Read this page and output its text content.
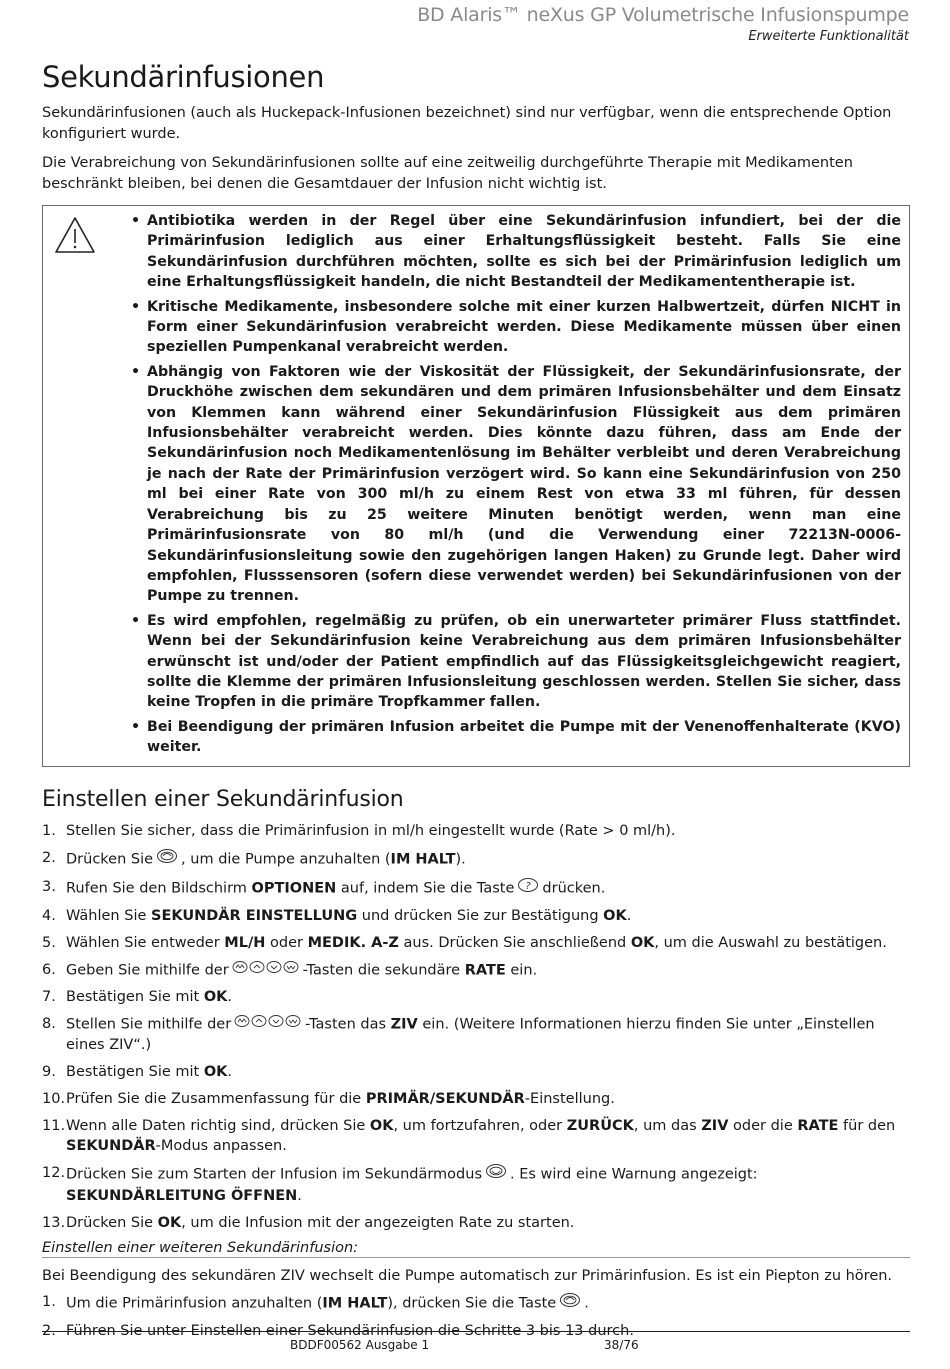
BD Alaris™ neXus GP Volumetrische Infusionspumpe
Erweiterte Funktionalität
Sekundärinfusionen

Sekundärinfusionen (auch als Huckepack-Infusionen bezeichnet) sind nur verfügbar, wenn die entsprechende Option konfiguriert wurde.

Die Verabreichung von Sekundärinfusionen sollte auf eine zeitweilig durchgeführte Therapie mit Medikamenten beschränkt bleiben, bei denen die Gesamtdauer der Infusion nicht wichtig ist.

• Antibiotika werden in der Regel über eine Sekundärinfusion infundiert, bei der die Primärinfusion lediglich aus einer Erhaltungsflüssigkeit besteht. Falls Sie eine Sekundärinfusion durchführen möchten, sollte es sich bei der Primärinfusion lediglich um eine Erhaltungsflüssigkeit handeln, die nicht Bestandteil der Medikamententherapie ist.
• Kritische Medikamente, insbesondere solche mit einer kurzen Halbwertzeit, dürfen NICHT in Form einer Sekundärinfusion verabreicht werden. Diese Medikamente müssen über einen speziellen Pumpenkanal verabreicht werden.
• Abhängig von Faktoren wie der Viskosität der Flüssigkeit, der Sekundärinfusionsrate, der Druckhöhe zwischen dem sekundären und dem primären Infusionsbehälter und dem Einsatz von Klemmen kann während einer Sekundärinfusion Flüssigkeit aus dem primären Infusionsbehälter verabreicht werden. Dies könnte dazu führen, dass am Ende der Sekundärinfusion noch Medikamentenlösung im Behälter verbleibt und deren Verabreichung je nach der Rate der Primärinfusion verzögert wird. So kann eine Sekundärinfusion von 250 ml bei einer Rate von 300 ml/h zu einem Rest von etwa 33 ml führen, für dessen Verabreichung bis zu 25 weitere Minuten benötigt werden, wenn man eine Primärinfusionsrate von 80 ml/h (und die Verwendung einer 72213N-0006-Sekundärinfusionsleitung sowie den zugehörigen langen Haken) zu Grunde legt. Daher wird empfohlen, Flusssensoren (sofern diese verwendet werden) bei Sekundärinfusionen von der Pumpe zu trennen.
• Es wird empfohlen, regelmäßig zu prüfen, ob ein unerwarteter primärer Fluss stattfindet. Wenn bei der Sekundärinfusion keine Verabreichung aus dem primären Infusionsbehälter erwünscht ist und/oder der Patient empfindlich auf das Flüssigkeitsgleichgewicht reagiert, sollte die Klemme der primären Infusionsleitung geschlossen werden. Stellen Sie sicher, dass keine Tropfen in die primäre Tropfkammer fallen.
• Bei Beendigung der primären Infusion arbeitet die Pumpe mit der Venenoffenhalterate (KVO) weiter.
Einstellen einer Sekundärinfusion
1. Stellen Sie sicher, dass die Primärinfusion in ml/h eingestellt wurde (Rate > 0 ml/h).
2. Drücken Sie , um die Pumpe anzuhalten (IM HALT).
3. Rufen Sie den Bildschirm OPTIONEN auf, indem Sie die Taste ? drücken.
4. Wählen Sie SEKUNDÄR EINSTELLUNG und drücken Sie zur Bestätigung OK.
5. Wählen Sie entweder ML/H oder MEDIK. A-Z aus. Drücken Sie anschließend OK, um die Auswahl zu bestätigen.
6. Geben Sie mithilfe der	-Tasten die sekundäre RATE ein.
7. Bestätigen Sie mit OK.
8. Stellen Sie mithilfe der	-Tasten das ZIV ein. (Weitere Informationen hierzu finden Sie unter „Einstellen eines ZIV“.)
9. Bestätigen Sie mit OK.
10. Prüfen Sie die Zusammenfassung für die PRIMÄR/SEKUNDÄR-Einstellung.
11. Wenn alle Daten richtig sind, drücken Sie OK, um fortzufahren, oder ZURÜCK, um das ZIV oder die RATE für den SEKUNDÄR-Modus anpassen.
12. Drücken Sie zum Starten der Infusion im Sekundärmodus . Es wird eine Warnung angezeigt: SEKUNDÄRLEITUNG ÖFFNEN.
13. Drücken Sie OK, um die Infusion mit der angezeigten Rate zu starten.
Einstellen einer weiteren Sekundärinfusion:
Bei Beendigung des sekundären ZIV wechselt die Pumpe automatisch zur Primärinfusion. Es ist ein Piepton zu hören.
1. Um die Primärinfusion anzuhalten (IM HALT), drücken Sie die Taste .
2. Führen Sie unter Einstellen einer Sekundärinfusion die Schritte 3 bis 13 durch.
BDDF00562 Ausgabe 1	38/76
